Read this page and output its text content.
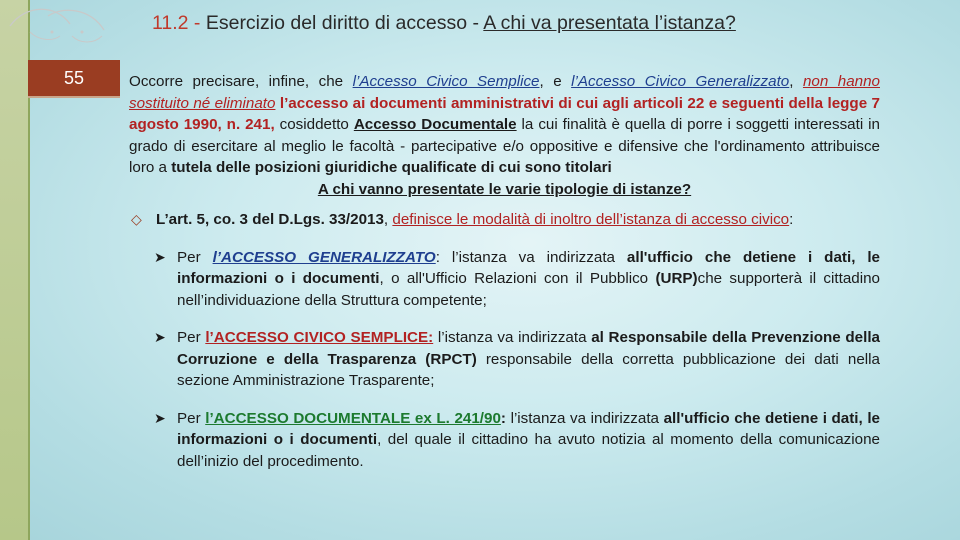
11.2 - Esercizio del diritto di accesso - A chi va presentata l’istanza?
55	Occorre precisare, infine, che l’Accesso Civico Semplice, e l’Accesso Civico Generalizzato, non hanno sostituito né eliminato l’accesso ai documenti amministrativi di cui agli articoli 22 e seguenti della legge 7 agosto 1990, n. 241, cosiddetto Accesso Documentale la cui finalità è quella di porre i soggetti interessati in grado di esercitare al meglio le facoltà - partecipative e/o oppositive e difensive che l'ordinamento attribuisce loro a tutela delle posizioni giuridiche qualificate di cui sono titolari

A chi vanno presentate le varie tipologie di istanze?

◇ L’art. 5, co. 3 del D.Lgs. 33/2013, definisce le modalità di inoltro dell’istanza di accesso civico:
➤ Per l’ACCESSO GENERALIZZATO: l’istanza va indirizzata all'ufficio che detiene i dati, le informazioni o i documenti, o all'Ufficio Relazioni con il Pubblico (URP)che supporterà il cittadino nell’individuazione della Struttura competente;
➤ Per l’ACCESSO CIVICO SEMPLICE: l’istanza va indirizzata al Responsabile della Prevenzione della Corruzione e della Trasparenza (RPCT) responsabile della corretta pubblicazione dei dati nella sezione Amministrazione Trasparente;
➤ Per l’ACCESSO DOCUMENTALE ex L. 241/90: l’istanza va indirizzata all'ufficio che detiene i dati, le informazioni o i documenti, del quale il cittadino ha avuto notizia al momento della comunicazione dell’inizio del procedimento.
